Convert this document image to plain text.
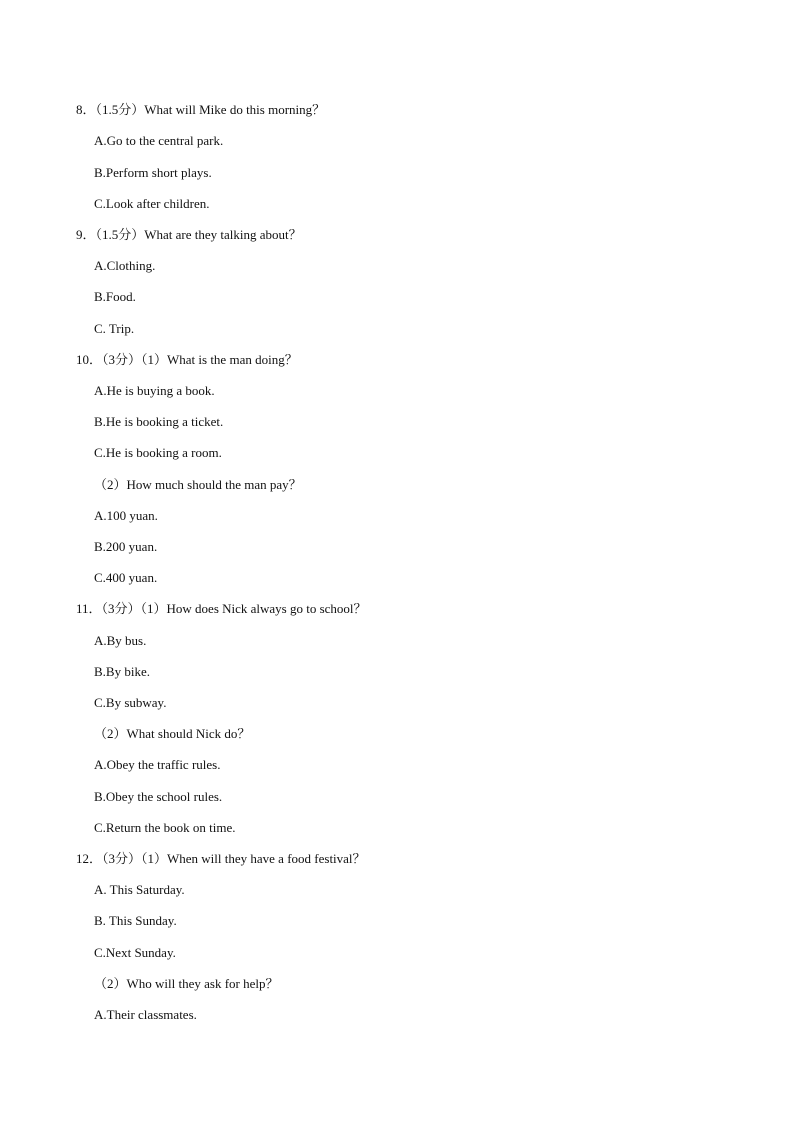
8．（1.5分）What will Mike do this morning？
A.Go to the central park.
B.Perform short plays.
C.Look after children.
9．（1.5分）What are they talking about？
A.Clothing.
B.Food.
C. Trip.
10．（3分）（1）What is the man doing？
A.He is buying a book.
B.He is booking a ticket.
C.He is booking a room.
（2）How much should the man pay？
A.100 yuan.
B.200 yuan.
C.400 yuan.
11．（3分）（1）How does Nick always go to school？
A.By bus.
B.By bike.
C.By subway.
（2）What should Nick do？
A.Obey the traffic rules.
B.Obey the school rules.
C.Return the book on time.
12．（3分）（1）When will they have a food festival？
A. This Saturday.
B. This Sunday.
C.Next Sunday.
（2）Who will they ask for help？
A.Their classmates.
